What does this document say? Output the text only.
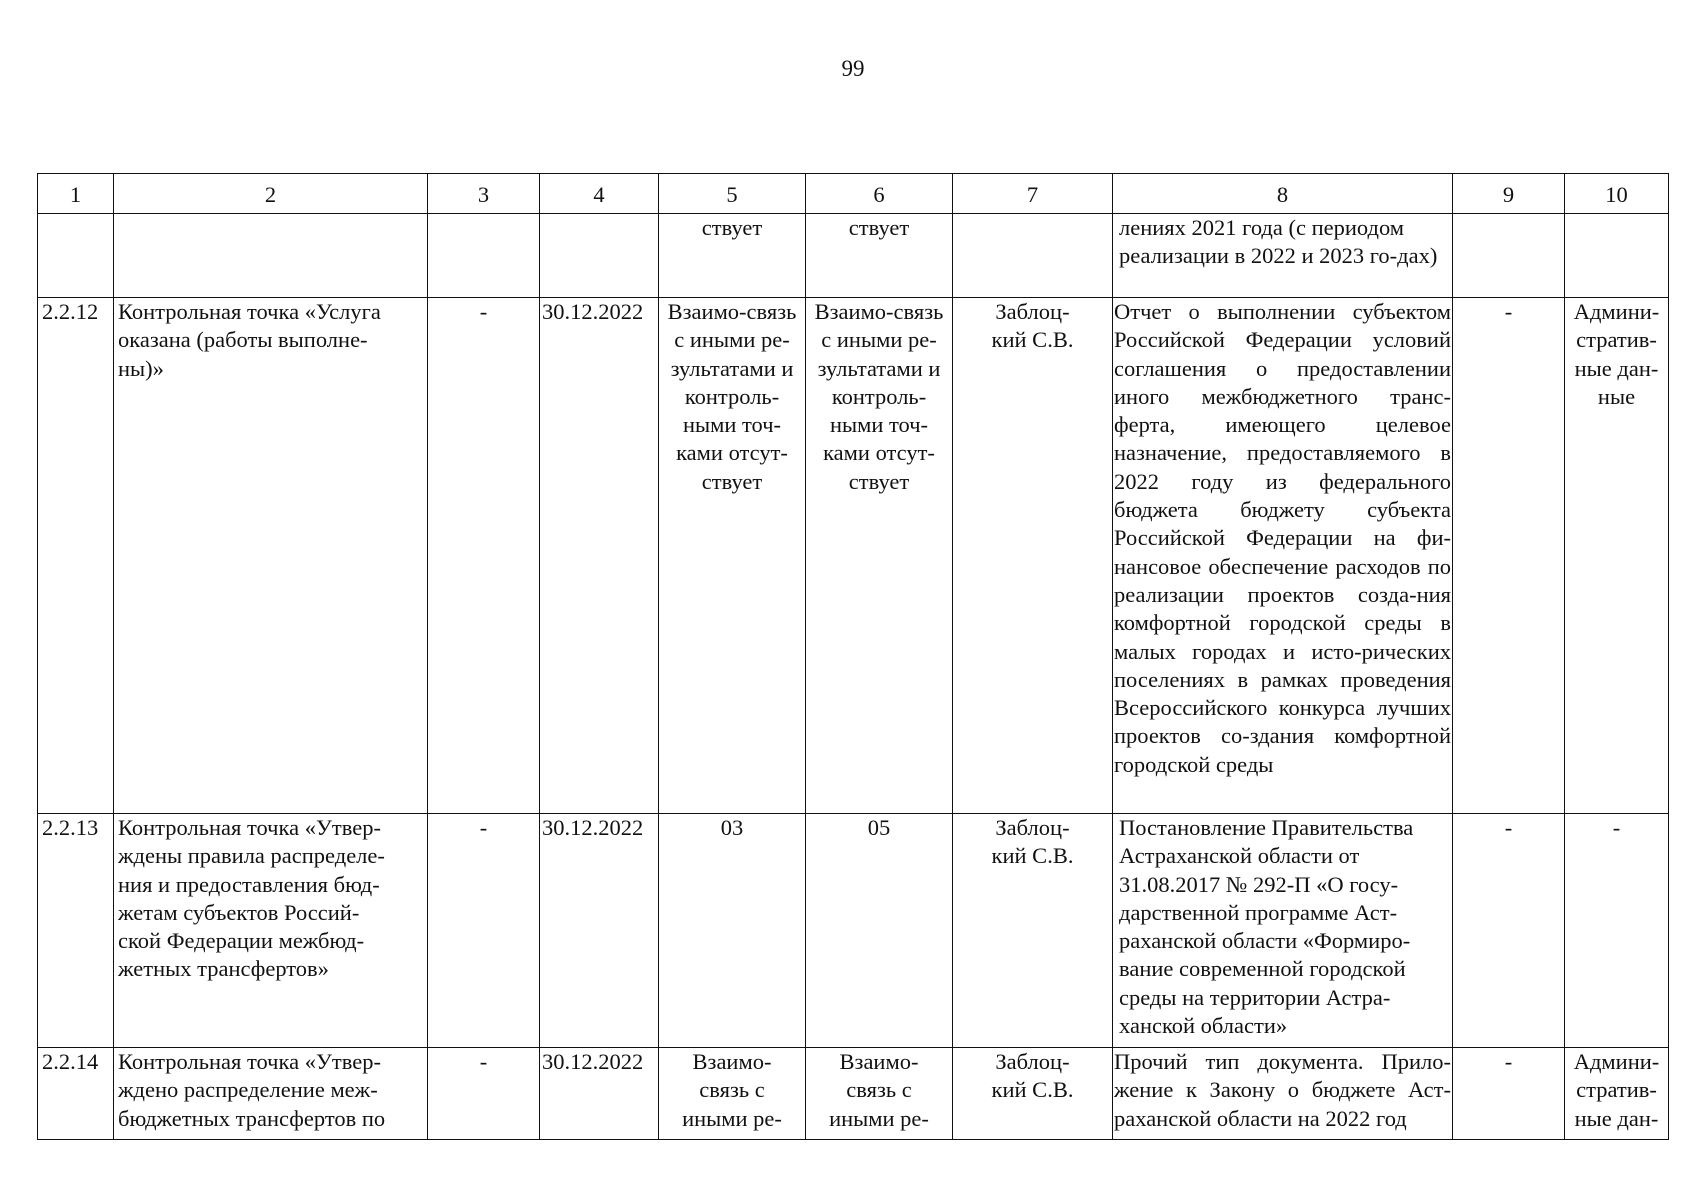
99
1	2	3	4	5	6	7	8	9	10
				ствует	ствует		лениях 2021 года (с периодом реализации в 2022 и 2023 го-дах)		
2.2.12	Контрольная точка «Услуга оказана (работы выполне-ны)»	-	30.12.2022	Взаимо-связь с иными ре-зультатами и контроль-ными точ-ками отсут-ствует	Взаимо-связь с иными ре-зультатами и контроль-ными точ-ками отсут-ствует	Заблоц-кий С.В.	Отчет о выполнении субъектом Российской Федерации условий соглашения о предоставлении иного межбюджетного транс-ферта, имеющего целевое назначение, предоставляемого в 2022 году из федерального бюджета бюджету субъекта Российской Федерации на фи-нансовое обеспечение расходов по реализации проектов созда-ния комфортной городской среды в малых городах и исто-рических поселениях в рамках проведения Всероссийского конкурса лучших проектов со-здания комфортной городской среды	-	Админи-стратив-ные дан-ные
2.2.13	Контрольная точка «Утвер-ждены правила распределе-ния и предоставления бюд-жетам субъектов Россий-ской Федерации межбюд-жетных трансфертов»	-	30.12.2022	03	05	Заблоц-кий С.В.	Постановление Правительства Астраханской области от 31.08.2017 № 292-П «О госу-дарственной программе Аст-раханской области «Формиро-вание современной городской среды на территории Астра-ханской области»	-	-
2.2.14	Контрольная точка «Утвер-ждено распределение меж-бюджетных трансфертов по	-	30.12.2022	Взаимо-связь с иными ре-	Взаимо-связь с иными ре-	Заблоц-кий С.В.	Прочий тип документа. Прило-жение к Закону о бюджете Аст-раханской области на 2022 год	-	Админи-стратив-ные дан-
